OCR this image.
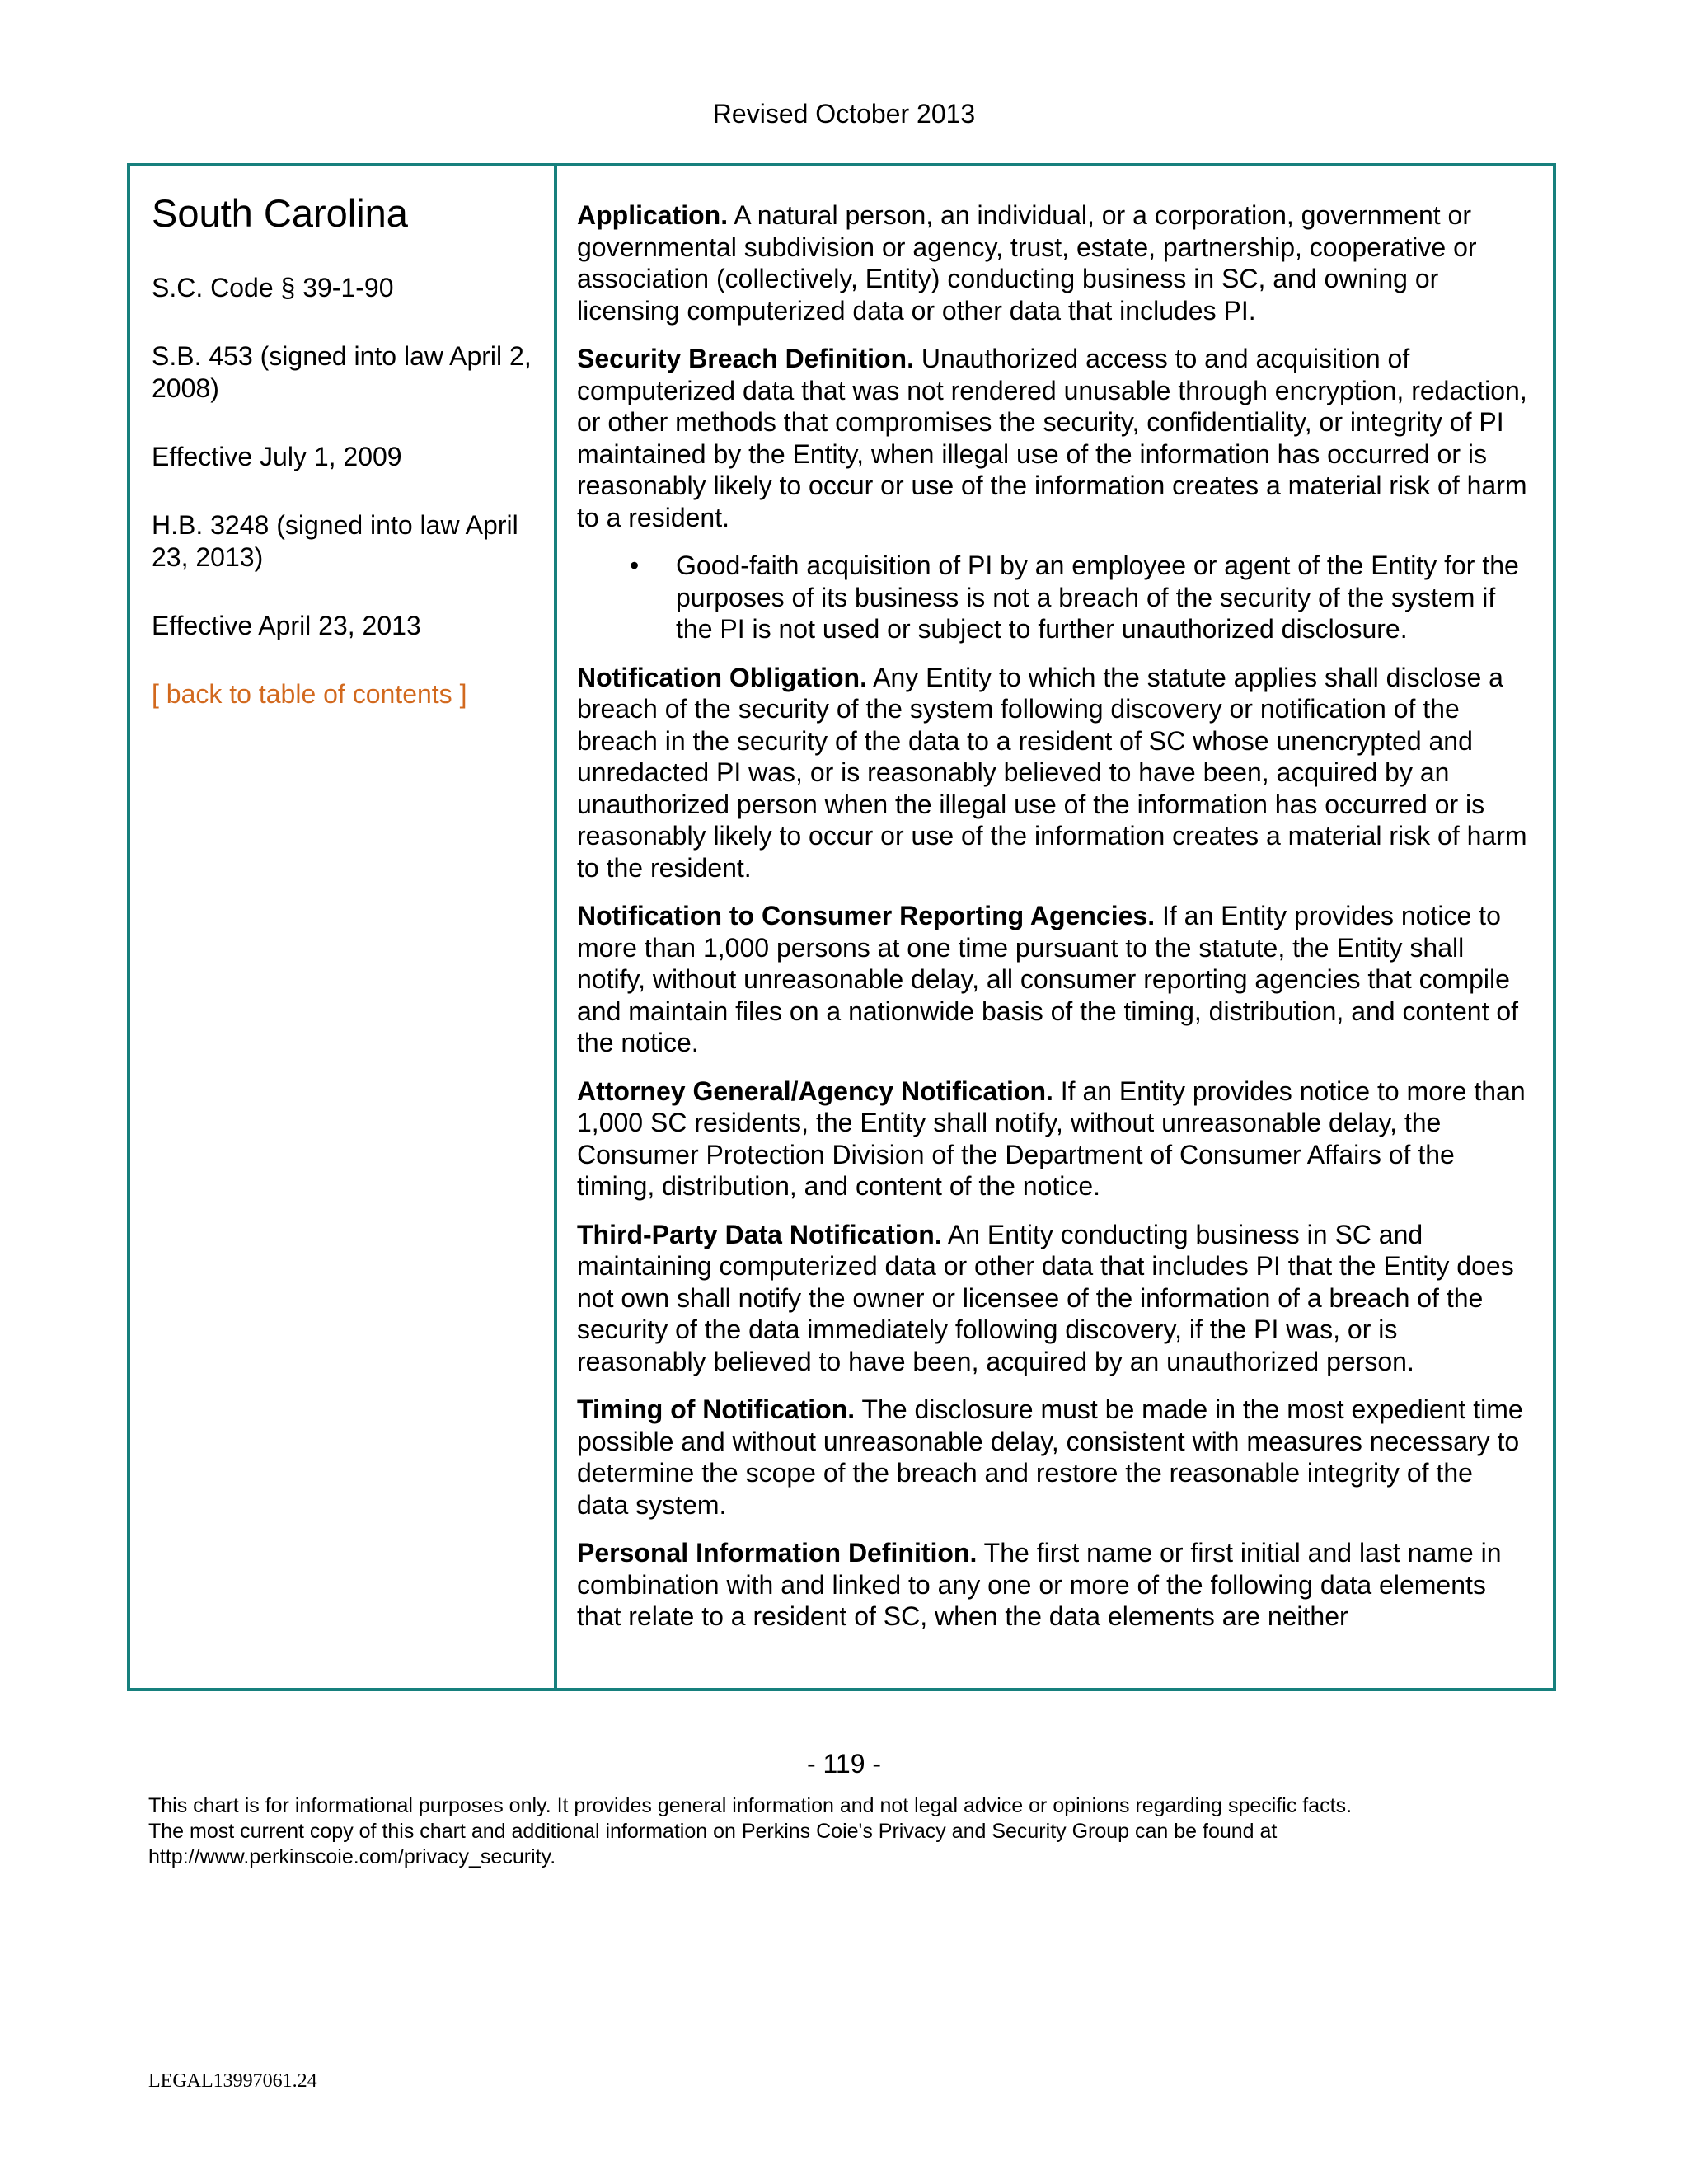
Revised October 2013
South Carolina
S.C. Code § 39-1-90
S.B. 453 (signed into law April 2, 2008)
Effective July 1, 2009
H.B. 3248 (signed into law April 23, 2013)
Effective April 23, 2013
[ back to table of contents ]

Application. A natural person, an individual, or a corporation, government or governmental subdivision or agency, trust, estate, partnership, cooperative or association (collectively, Entity) conducting business in SC, and owning or licensing computerized data or other data that includes PI.

Security Breach Definition. Unauthorized access to and acquisition of computerized data that was not rendered unusable through encryption, redaction, or other methods that compromises the security, confidentiality, or integrity of PI maintained by the Entity, when illegal use of the information has occurred or is reasonably likely to occur or use of the information creates a material risk of harm to a resident.

• Good-faith acquisition of PI by an employee or agent of the Entity for the purposes of its business is not a breach of the security of the system if the PI is not used or subject to further unauthorized disclosure.

Notification Obligation. Any Entity to which the statute applies shall disclose a breach of the security of the system following discovery or notification of the breach in the security of the data to a resident of SC whose unencrypted and unredacted PI was, or is reasonably believed to have been, acquired by an unauthorized person when the illegal use of the information has occurred or is reasonably likely to occur or use of the information creates a material risk of harm to the resident.

Notification to Consumer Reporting Agencies. If an Entity provides notice to more than 1,000 persons at one time pursuant to the statute, the Entity shall notify, without unreasonable delay, all consumer reporting agencies that compile and maintain files on a nationwide basis of the timing, distribution, and content of the notice.

Attorney General/Agency Notification. If an Entity provides notice to more than 1,000 SC residents, the Entity shall notify, without unreasonable delay, the Consumer Protection Division of the Department of Consumer Affairs of the timing, distribution, and content of the notice.

Third-Party Data Notification. An Entity conducting business in SC and maintaining computerized data or other data that includes PI that the Entity does not own shall notify the owner or licensee of the information of a breach of the security of the data immediately following discovery, if the PI was, or is reasonably believed to have been, acquired by an unauthorized person.

Timing of Notification. The disclosure must be made in the most expedient time possible and without unreasonable delay, consistent with measures necessary to determine the scope of the breach and restore the reasonable integrity of the data system.

Personal Information Definition. The first name or first initial and last name in combination with and linked to any one or more of the following data elements that relate to a resident of SC, when the data elements are neither

- 119 -

This chart is for informational purposes only. It provides general information and not legal advice or opinions regarding specific facts.

The most current copy of this chart and additional information on Perkins Coie's Privacy and Security Group can be found at

http://www.perkinscoie.com/privacy_security.

LEGAL13997061.24
